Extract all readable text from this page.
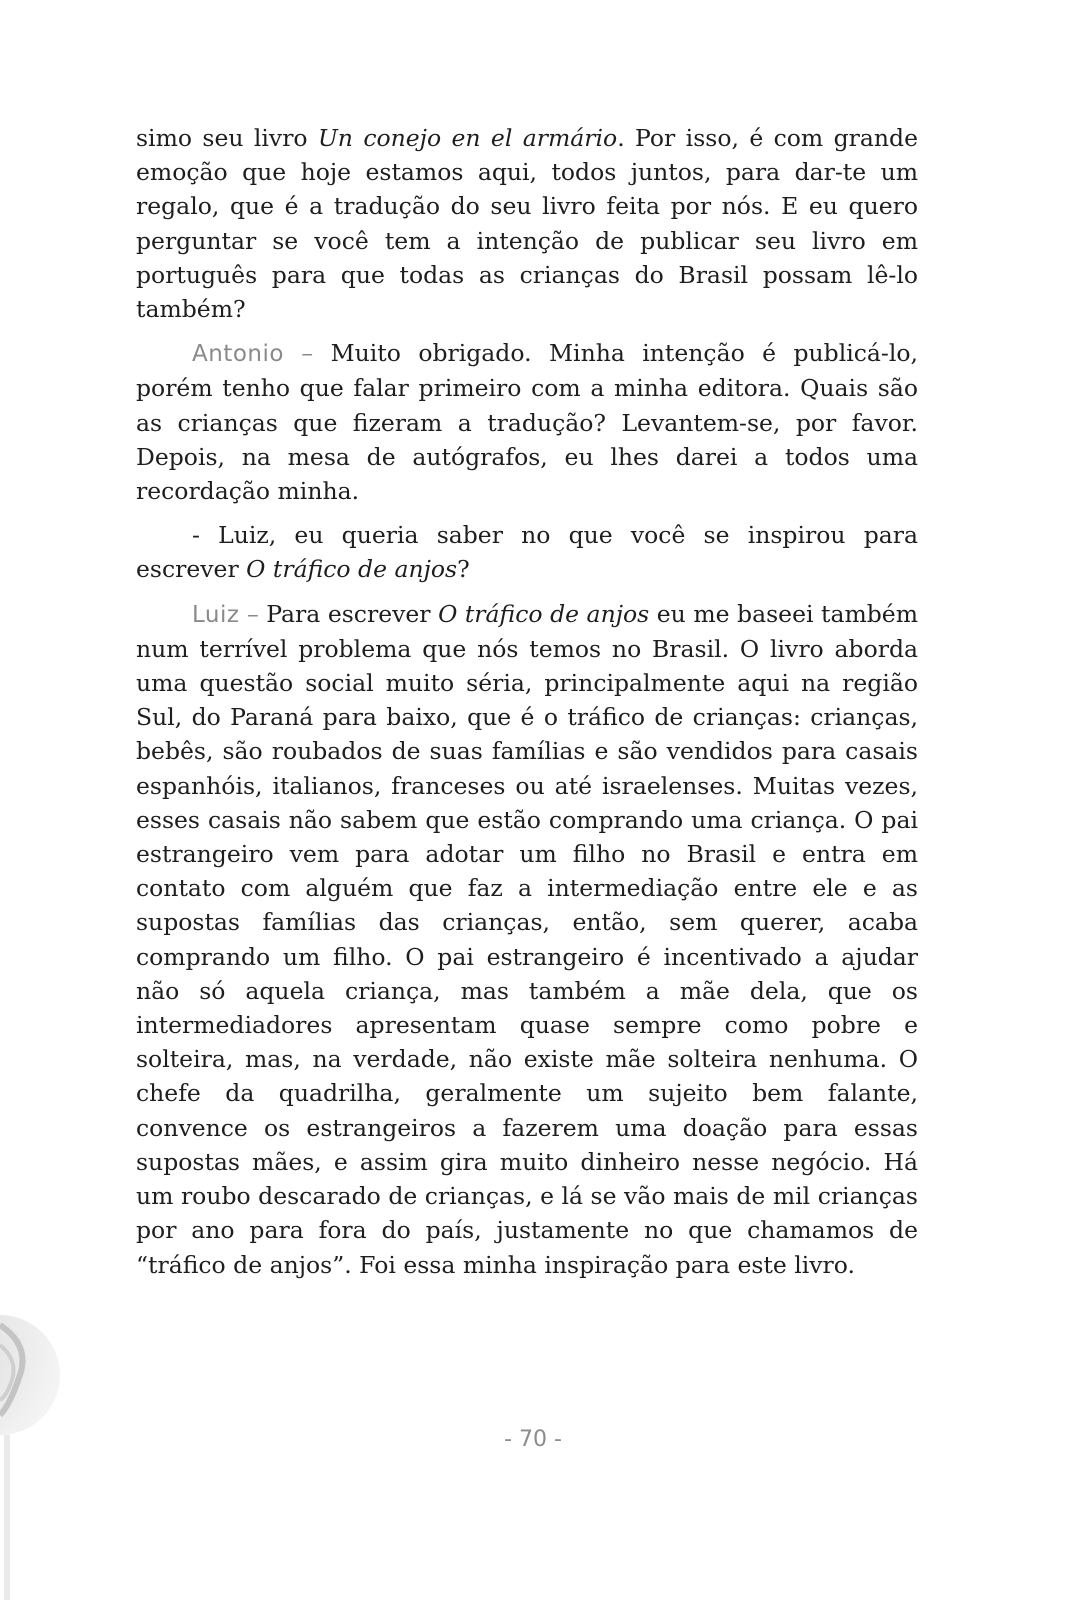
simo seu livro Un conejo en el armário. Por isso, é com grande emoção que hoje estamos aqui, todos juntos, para dar-te um regalo, que é a tradução do seu livro feita por nós. E eu quero perguntar se você tem a intenção de publicar seu livro em português para que todas as crianças do Brasil possam lê-lo também?

Antonio – Muito obrigado. Minha intenção é publicá-lo, porém tenho que falar primeiro com a minha editora. Quais são as crianças que fizeram a tradução? Levantem-se, por favor. Depois, na mesa de autógrafos, eu lhes darei a todos uma recordação minha.

- Luiz, eu queria saber no que você se inspirou para escrever O tráfico de anjos?

Luiz – Para escrever O tráfico de anjos eu me baseei também num terrível problema que nós temos no Brasil. O livro aborda uma questão social muito séria, principalmente aqui na região Sul, do Paraná para baixo, que é o tráfico de crianças: crianças, bebês, são roubados de suas famílias e são vendidos para casais espanhóis, italianos, franceses ou até israelenses. Muitas vezes, esses casais não sabem que estão comprando uma criança. O pai estrangeiro vem para adotar um filho no Brasil e entra em contato com alguém que faz a intermediação entre ele e as supostas famílias das crianças, então, sem querer, acaba comprando um filho. O pai estrangeiro é incentivado a ajudar não só aquela criança, mas também a mãe dela, que os intermediadores apresentam quase sempre como pobre e solteira, mas, na verdade, não existe mãe solteira nenhuma. O chefe da quadrilha, geralmente um sujeito bem falante, convence os estrangeiros a fazerem uma doação para essas supostas mães, e assim gira muito dinheiro nesse negócio. Há um roubo descarado de crianças, e lá se vão mais de mil crianças por ano para fora do país, justamente no que chamamos de “tráfico de anjos”. Foi essa minha inspiração para este livro.

- 70 -
